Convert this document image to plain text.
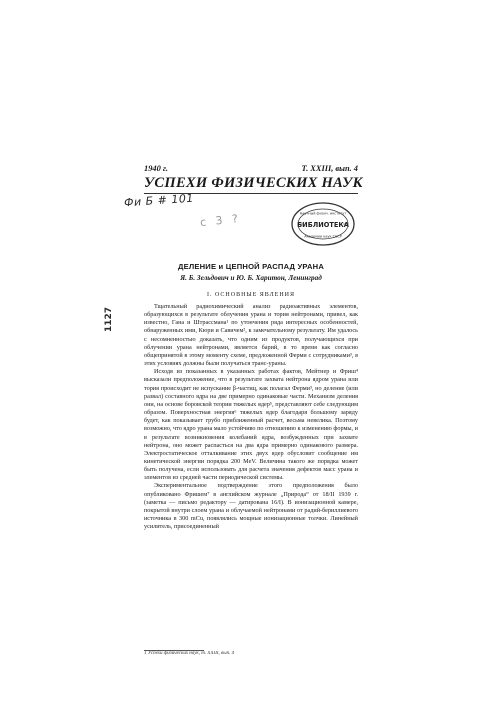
1940 г.	Т. XXIII, вып. 4
УСПЕХИ ФИЗИЧЕСКИХ НАУК
Фи Б # 101
с 3 ?	БИБЛИОТЕКА
Научный физич. институт
Академии наук СССР
1127
ДЕЛЕНИЕ и ЦЕПНОЙ РАСПАД УРАНА
Я. Б. Зельдович и Ю. Б. Харитон, Ленинград
I. ОСНОВНЫЕ ЯВЛЕНИЯ

Тщательный радиохимический анализ радиоактивных элементов, образующихся в результате облучения урана и тория нейтронами, привел, как известно, Гана и Штрассмана¹ по утончения ряда интересных особенностей, обнаруженных ими, Кюри и Савичем², к замечательному результату. Им удалось с несомненностью доказать, что одним из продуктов, получающихся при облучении урана нейтронами, является барий, в то время как согласно общепринятой в этому моменту схеме, предложенной Ферми с сотрудниками³, в этих условиях должны были получаться транс-ураны.

Исходя из показанных в указанных работах фактов, Мейтнер и Фриш⁴ высказали предположение, что в результате захвата нейтрона ядром урана или тория происходит не испускание β-частиц, как полагал Ферми³, но деление (или развал) составного ядра на две примерно одинаковые части. Механизм деления они, на основе боровской теории тяжелых ядер⁵, представляют себе следующим образом. Поверхностная энергия⁶ тяжелых ядер благодаря большому заряду будет, как показывает грубо приближенный расчет, весьма невелика. Поэтому возможно, что ядро урана мало устойчиво по отношению к изменению формы, и в результате возникновения колебаний ядра, возбужденных при захвате нейтрона, оно может распасться на два ядра примерно одинакового размера. Электростатическое отталкивание этих двух ядер обусловит сообщение им кинетической энергии порядка 200 MeV. Величина такого же порядка может быть получена, если использовать для расчета значения дефектов масс урана и элементов из средней части периодической системы.

Экспериментальное подтверждение этого предположения было опубликовано Фришем⁷ в английском журнале „Природа“ от 18/II 1939 г. (заметка — письмо редактору — датирована 16/I). В ионизационной камере, покрытой внутри слоем урана и облучаемой нейтронами от радий-бериллиевого источника в 300 mCu, появлялись мощные ионизационные толчки. Линейный усилитель, присоединенный

1 Успехи физических наук, т. XXIII, вып. 4
